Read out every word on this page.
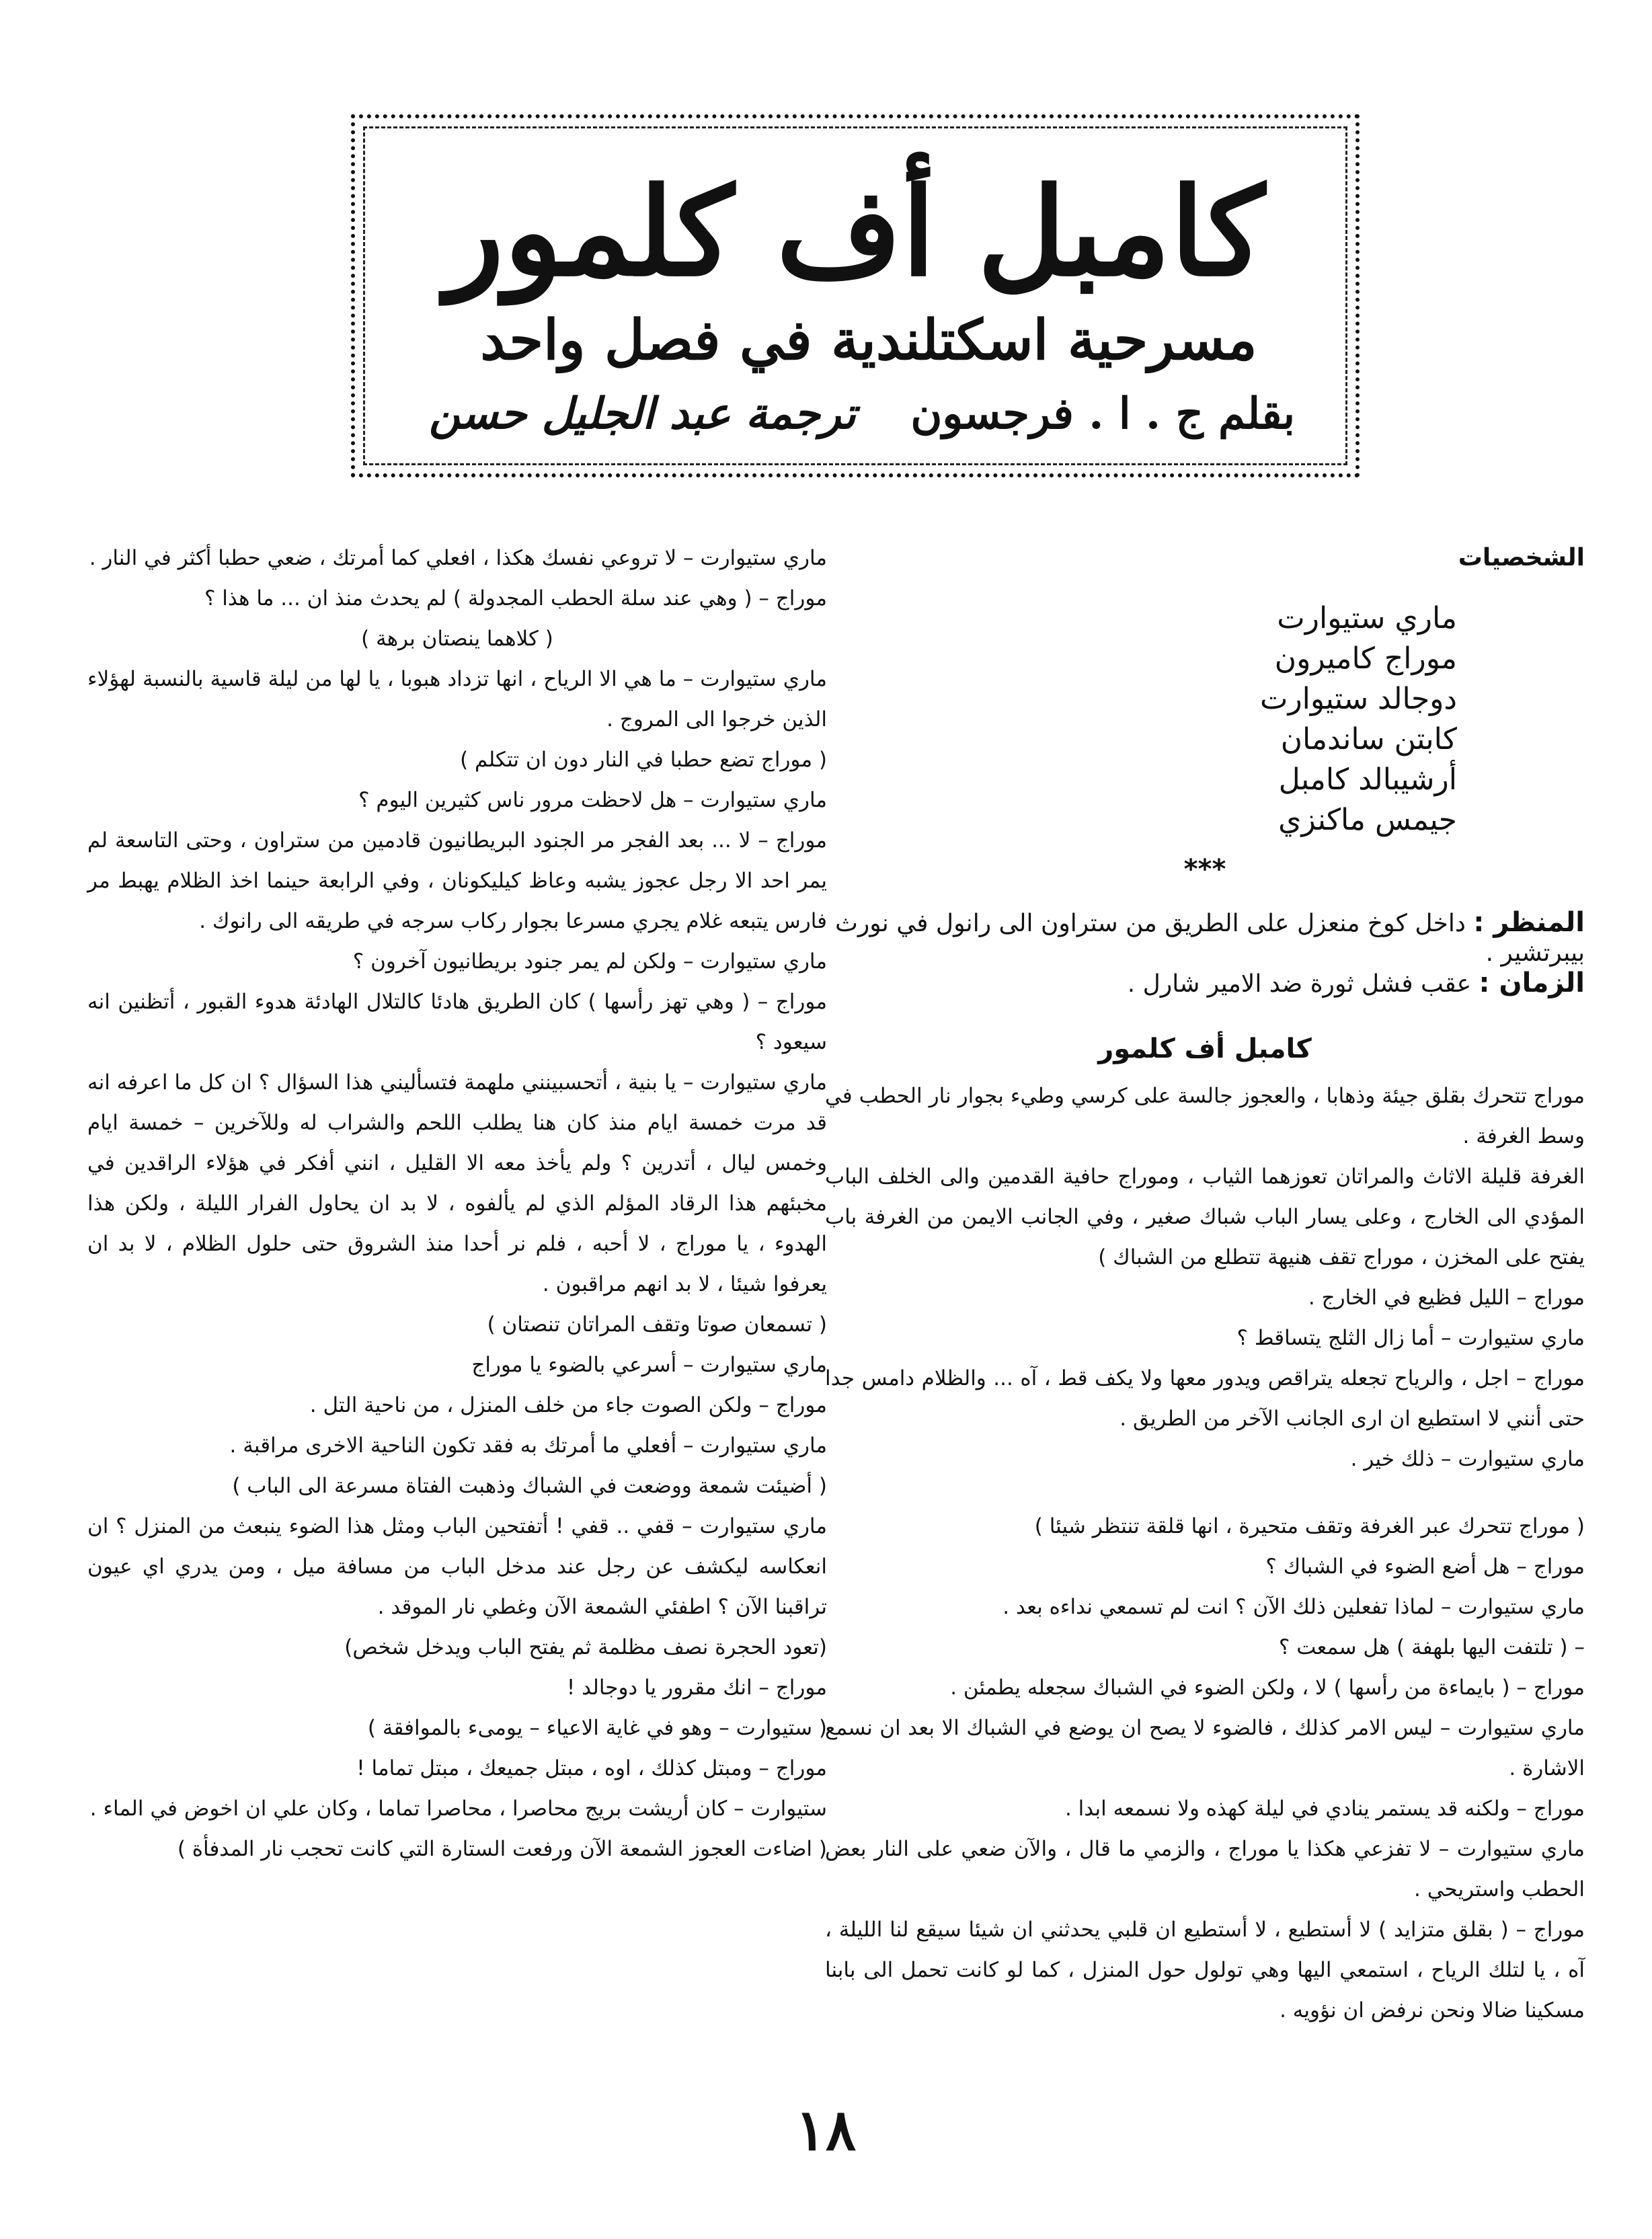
كامبل أف كلمور
مسرحية اسكتلندية في فصل واحد
بقلم ج . ا . فرجسون
ترجمة عبد الجليل حسن
الشخصيات
ماري ستيوارت
موراج كاميرون
دوجالد ستيوارت
كابتن ساندمان
أرشيبالد كامبل
جيمس ماكنزي
***

المنظر : داخل كوخ منعزل على الطريق من ستراون الى رانول في نورث بيبرتشير .

الزمان : عقب فشل ثورة ضد الامير شارل .

كامبل أف كلمور

موراج تتحرك بقلق جيئة وذهابا ، والعجوز جالسة على كرسي وطيء بجوار نار الحطب في وسط الغرفة .

الغرفة قليلة الاثاث والمراتان تعوزهما الثياب ، وموراج حافية القدمين والى الخلف الباب المؤدي الى الخارج ، وعلى يسار الباب شباك صغير ، وفي الجانب الايمن من الغرفة باب يفتح على المخزن ، موراج تقف هنيهة تتطلع من الشباك )

موراج – الليل فظيع في الخارج .

ماري ستيوارت – أما زال الثلج يتساقط ؟

موراج – اجل ، والرياح تجعله يتراقص ويدور معها ولا يكف قط ، آه ... والظلام دامس جدا حتى أنني لا استطيع ان ارى الجانب الآخر من الطريق .

ماري ستيوارت – ذلك خير .

( موراج تتحرك عبر الغرفة وتقف متحيرة ، انها قلقة تنتظر شيئا )

موراج – هل أضع الضوء في الشباك ؟

ماري ستيوارت – لماذا تفعلين ذلك الآن ؟ انت لم تسمعي نداءه بعد .

– ( تلتفت اليها بلهفة ) هل سمعت ؟

موراج – ( بايماءة من رأسها ) لا ، ولكن الضوء في الشباك سجعله يطمئن .

ماري ستيوارت – ليس الامر كذلك ، فالضوء لا يصح ان يوضع في الشباك الا بعد ان نسمع الاشارة .

موراج – ولكنه قد يستمر ينادي في ليلة كهذه ولا نسمعه ابدا .

ماري ستيوارت – لا تفزعي هكذا يا موراج ، والزمي ما قال ، والآن ضعي على النار بعض الحطب واستريحي .

موراج – ( بقلق متزايد ) لا أستطيع ، لا أستطيع ان قلبي يحدثني ان شيئا سيقع لنا الليلة ، آه ، يا لتلك الرياح ، استمعي اليها وهي تولول حول المنزل ، كما لو كانت تحمل الى بابنا مسكينا ضالا ونحن نرفض ان نؤويه .

ماري ستيوارت – لا تروعي نفسك هكذا ، افعلي كما أمرتك ، ضعي حطبا أكثر في النار .

موراج – ( وهي عند سلة الحطب المجدولة ) لم يحدث منذ ان ... ما هذا ؟

( كلاهما ينصتان برهة )

ماري ستيوارت – ما هي الا الرياح ، انها تزداد هبوبا ، يا لها من ليلة قاسية بالنسبة لهؤلاء الذين خرجوا الى المروج .

( موراج تضع حطبا في النار دون ان تتكلم )

ماري ستيوارت – هل لاحظت مرور ناس كثيرين اليوم ؟

موراج – لا ... بعد الفجر مر الجنود البريطانيون قادمين من ستراون ، وحتى التاسعة لم يمر احد الا رجل عجوز يشبه وعاظ كيليكونان ، وفي الرابعة حينما اخذ الظلام يهبط مر فارس يتبعه غلام يجري مسرعا بجوار ركاب سرجه في طريقه الى رانوك .

ماري ستيوارت – ولكن لم يمر جنود بريطانيون آخرون ؟

موراج – ( وهي تهز رأسها ) كان الطريق هادئا كالتلال الهادئة هدوء القبور ، أتظنين انه سيعود ؟

ماري ستيوارت – يا بنية ، أتحسبينني ملهمة فتسأليني هذا السؤال ؟ ان كل ما اعرفه انه قد مرت خمسة ايام منذ كان هنا يطلب اللحم والشراب له وللآخرين – خمسة ايام وخمس ليال ، أتدرين ؟ ولم يأخذ معه الا القليل ، انني أفكر في هؤلاء الراقدين في مخبئهم هذا الرقاد المؤلم الذي لم يألفوه ، لا بد ان يحاول الفرار الليلة ، ولكن هذا الهدوء ، يا موراج ، لا أحبه ، فلم نر أحدا منذ الشروق حتى حلول الظلام ، لا بد ان يعرفوا شيئا ، لا بد انهم مراقبون .

( تسمعان صوتا وتقف المراتان تنصتان )

ماري ستيوارت – أسرعي بالضوء يا موراج

موراج – ولكن الصوت جاء من خلف المنزل ، من ناحية التل .

ماري ستيوارت – أفعلي ما أمرتك به فقد تكون الناحية الاخرى مراقبة .

( أضيئت شمعة ووضعت في الشباك وذهبت الفتاة مسرعة الى الباب )

ماري ستيوارت – قفي .. قفي ! أتفتحين الباب ومثل هذا الضوء ينبعث من المنزل ؟ ان انعكاسه ليكشف عن رجل عند مدخل الباب من مسافة ميل ، ومن يدري اي عيون تراقبنا الآن ؟ اطفئي الشمعة الآن وغطي نار الموقد .

(تعود الحجرة نصف مظلمة ثم يفتح الباب ويدخل شخص)

موراج – انك مقرور يا دوجالد !

( ستيوارت – وهو في غاية الاعياء – يومىء بالموافقة )

موراج – ومبتل كذلك ، اوه ، مبتل جميعك ، مبتل تماما !

ستيوارت – كان أريشت بريج محاصرا ، محاصرا تماما ، وكان علي ان اخوض في الماء .

( اضاءت العجوز الشمعة الآن ورفعت الستارة التي كانت تحجب نار المدفأة )

١٨
